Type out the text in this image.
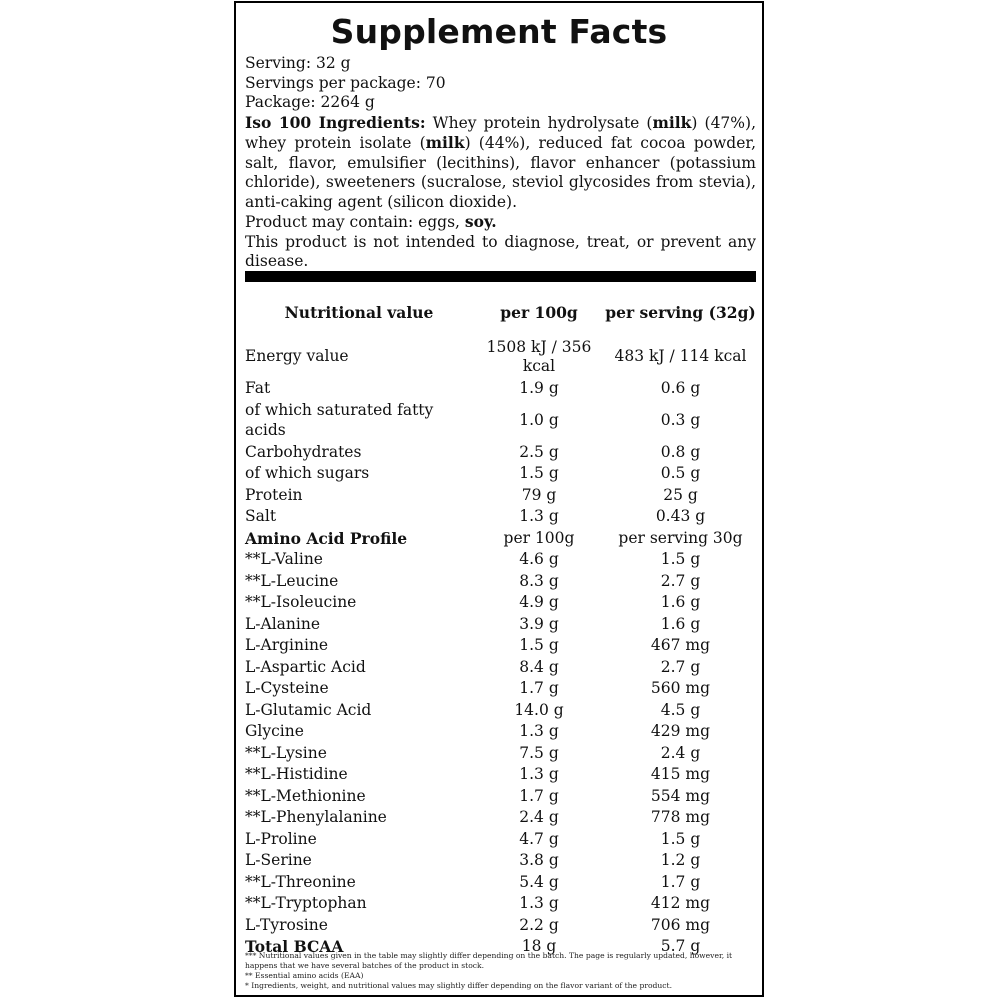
Supplement Facts
Serving: 32 g
Servings per package: 70
Package: 2264 g
Iso 100 Ingredients: Whey protein hydrolysate (milk) (47%), whey protein isolate (milk) (44%), reduced fat cocoa powder, salt, flavor, emulsifier (lecithins), flavor enhancer (potassium chloride), sweeteners (sucralose, steviol glycosides from stevia), anti-caking agent (silicon dioxide).
Product may contain: eggs, soy.
This product is not intended to diagnose, treat, or prevent any disease.
Nutritional value	per 100g	per serving (32g)
Energy value	1508 kJ / 356 kcal	483 kJ / 114 kcal
Fat	1.9 g	0.6 g
of which saturated fatty acids	1.0 g	0.3 g
Carbohydrates	2.5 g	0.8 g
of which sugars	1.5 g	0.5 g
Protein	79 g	25 g
Salt	1.3 g	0.43 g
Amino Acid Profile	per 100g	per serving 30g
**L-Valine	4.6 g	1.5 g
**L-Leucine	8.3 g	2.7 g
**L-Isoleucine	4.9 g	1.6 g
L-Alanine	3.9 g	1.6 g
L-Arginine	1.5 g	467 mg
L-Aspartic Acid	8.4 g	2.7 g
L-Cysteine	1.7 g	560 mg
L-Glutamic Acid	14.0 g	4.5 g
Glycine	1.3 g	429 mg
**L-Lysine	7.5 g	2.4 g
**L-Histidine	1.3 g	415 mg
**L-Methionine	1.7 g	554 mg
**L-Phenylalanine	2.4 g	778 mg
L-Proline	4.7 g	1.5 g
L-Serine	3.8 g	1.2 g
**L-Threonine	5.4 g	1.7 g
**L-Tryptophan	1.3 g	412 mg
L-Tyrosine	2.2 g	706 mg
Total BCAA	18 g	5.7 g
*** Nutritional values given in the table may slightly differ depending on the batch. The page is regularly updated, however, it happens that we have several batches of the product in stock.
** Essential amino acids (EAA)
* Ingredients, weight, and nutritional values may slightly differ depending on the flavor variant of the product.
